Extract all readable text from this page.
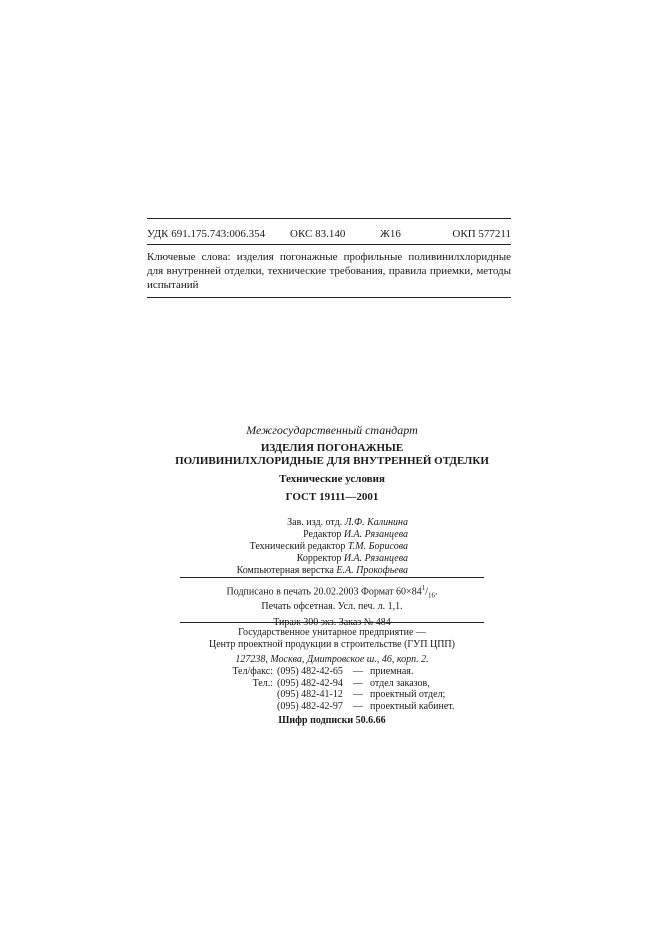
УДК 691.175.743:006.354 ОКС 83.140	Ж16	ОКП 577211
Ключевые слова: изделия погонажные профильные поливинилхлоридные для внутренней отделки, технические требования, правила приемки, методы испытаний
Межгосударственный стандарт
ИЗДЕЛИЯ ПОГОНАЖНЫЕ
ПОЛИВИНИЛХЛОРИДНЫЕ ДЛЯ ВНУТРЕННЕЙ ОТДЕЛКИ
Технические условия
ГОСТ 19111—2001
Зав. изд. отд. Л.Ф. Калинина
Редактор И.А. Рязанцева
Технический редактор Т.М. Борисова
Корректор И.А. Рязанцева
Компьютерная верстка Е.А. Прокофьева
Подписано в печать 20.02.2003 Формат $60\times 84^1/_{16}$.
Печать офсетная. Усл. печ. л. 1,1.
Тираж 300 экз. Заказ № 484
Государственное унитарное предприятие —
Центр проектной продукции в строительстве (ГУП ЦПП)
127238, Москва, Дмитровское ш., 46, корп. 2.
Тел/факс: (095) 482-42-65 — приемная.
Тел.: (095) 482-42-94 — отдел заказов,
(095) 482-41-12 — проектный отдел;
(095) 482-42-97 — проектный кабинет.
Шифр подписки 50.6.66
